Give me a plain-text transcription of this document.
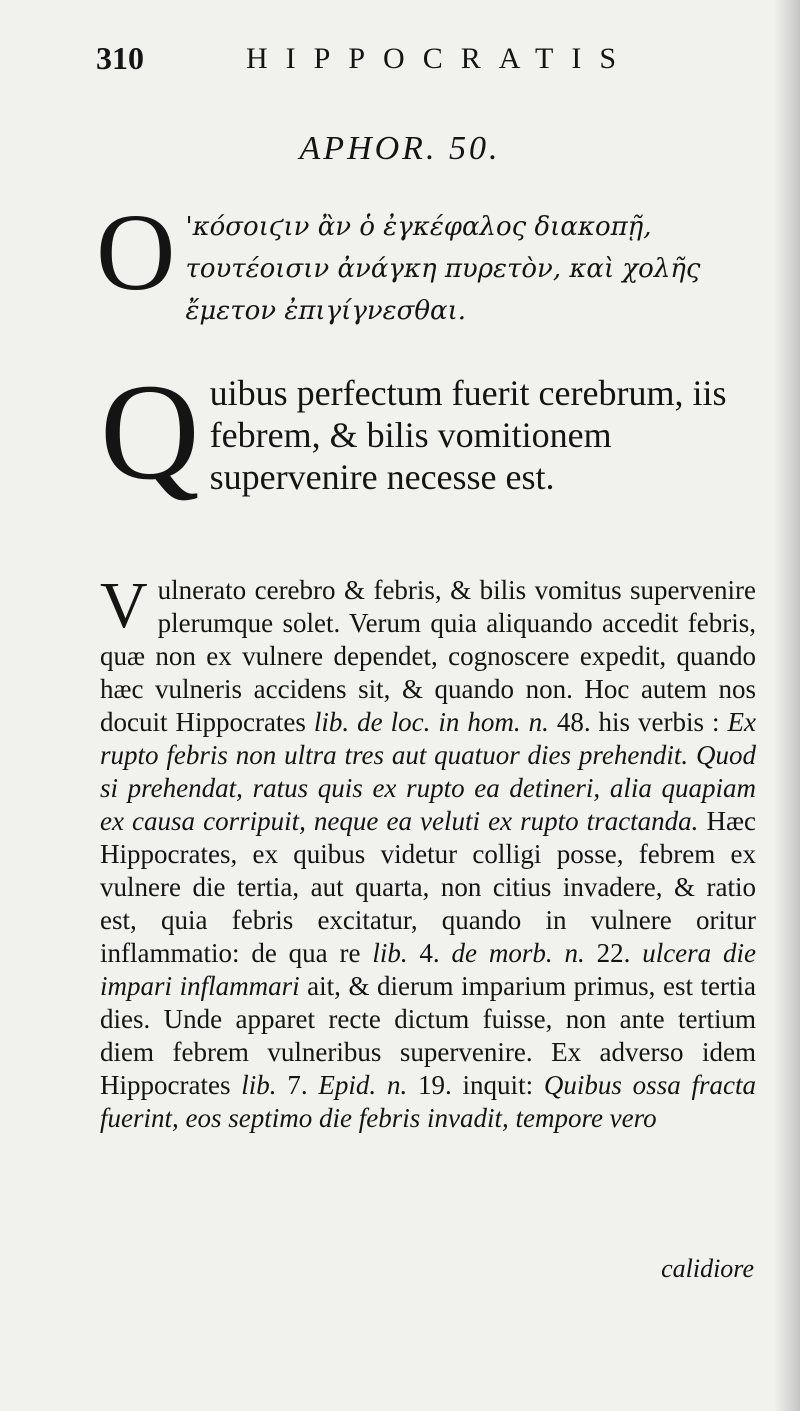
310	HIPPOCRATIS
APHOR. 50.
O 'κόσοιϛιν ἂν ὁ ἐγκέφαλος διακοπῇ, τουτέοισιν ἀνάγκη πυρετὸν, καὶ χολῆς ἔμετον ἐπιγίγνεσθαι.
Q uibus perfectum fuerit cerebrum, iis febrem, & bilis vomitionem supervenire necesse est.
Vulnerato cerebro & febris, & bilis vomitus supervenire plerumque solet. Verum quia aliquando accedit febris, quæ non ex vulnere dependet, cognoscere expedit, quando hæc vulneris accidens sit, & quando non. Hoc autem nos docuit Hippocrates lib. de loc. in hom. n. 48. his verbis : Ex rupto febris non ultra tres aut quatuor dies prehendit. Quod si prehendat, ratus quis ex rupto ea detineri, alia quapiam ex causa corripuit, neque ea veluti ex rupto tractanda. Hæc Hippocrates, ex quibus videtur colligi posse, febrem ex vulnere die tertia, aut quarta, non citius invadere, & ratio est, quia febris excitatur, quando in vulnere oritur inflammatio: de qua re lib. 4. de morb. n. 22. ulcera die impari inflammari ait, & dierum imparium primus, est tertia dies. Unde apparet recte dictum fuisse, non ante tertium diem febrem vulneribus supervenire. Ex adverso idem Hippocrates lib. 7. Epid. n. 19. inquit: Quibus ossa fracta fuerint, eos septimo die febris invadit, tempore vero
calidiore
